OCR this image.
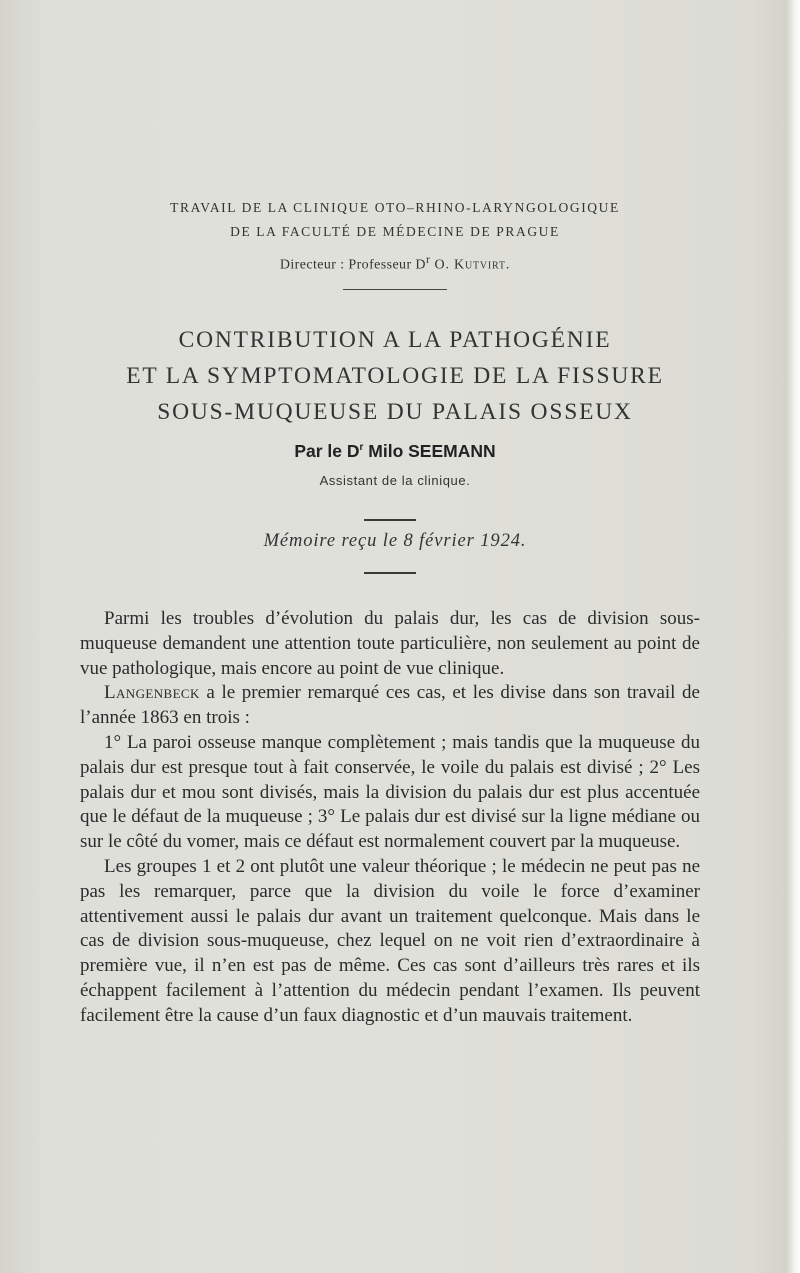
TRAVAIL DE LA CLINIQUE OTO–RHINO-LARYNGOLOGIQUE
DE LA FACULTÉ DE MÉDECINE DE PRAGUE
Directeur : Professeur $D^r$ O. Kutvirt.
CONTRIBUTION A LA PATHOGÉNIE
ET LA SYMPTOMATOLOGIE DE LA FISSURE
SOUS-MUQUEUSE DU PALAIS OSSEUX
Par le $D^r$ Milo SEEMANN
Assistant de la clinique.
Mémoire reçu le 8 février 1924.

Parmi les troubles d’évolution du palais dur, les cas de division sous-muqueuse demandent une attention toute particulière, non seulement au point de vue pathologique, mais encore au point de vue clinique.

Langenbeck a le premier remarqué ces cas, et les divise dans son travail de l’année 1863 en trois :

1° La paroi osseuse manque complètement ; mais tandis que la muqueuse du palais dur est presque tout à fait conservée, le voile du palais est divisé ; 2° Les palais dur et mou sont divisés, mais la division du palais dur est plus accentuée que le défaut de la muqueuse ; 3° Le palais dur est divisé sur la ligne médiane ou sur le côté du vomer, mais ce défaut est normalement couvert par la muqueuse.

Les groupes 1 et 2 ont plutôt une valeur théorique ; le médecin ne peut pas ne pas les remarquer, parce que la division du voile le force d’examiner attentivement aussi le palais dur avant un traitement quelconque. Mais dans le cas de division sous-muqueuse, chez lequel on ne voit rien d’extraordinaire à première vue, il n’en est pas de même. Ces cas sont d’ailleurs très rares et ils échappent facilement à l’attention du médecin pendant l’examen. Ils peuvent facilement être la cause d’un faux diagnostic et d’un mauvais traitement.
